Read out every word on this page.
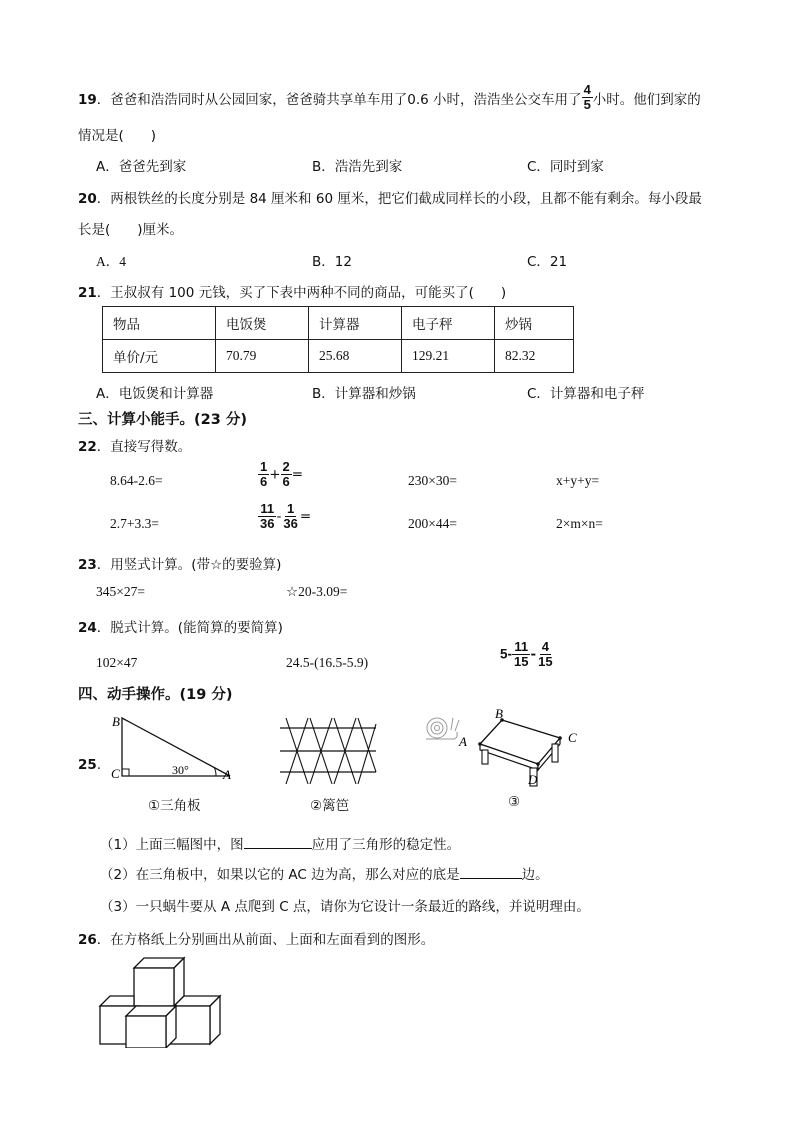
19．爸爸和浩浩同时从公园回家，爸爸骑共享单车用了0.6 小时，浩浩坐公交车用了 $\frac{4}{5}$ 小时。他们到家的
情况是(　　)
A．爸爸先到家	B．浩浩先到家	C．同时到家
20．两根铁丝的长度分别是 84 厘米和 60 厘米，把它们截成同样长的小段，且都不能有剩余。每小段最
长是(　　)厘米。
A．4	B．12	C．21
21．王叔叔有 100 元钱，买了下表中两种不同的商品，可能买了(　　)
物品	电饭煲	计算器	电子秤	炒锅
单价/元	70.79	25.68	129.21	82.32
A．电饭煲和计算器	B．计算器和炒锅	C．计算器和电子秤
三、计算小能手。(23 分)
22．直接写得数。
8.64-2.6=	$\frac{1}{6} + \frac{2}{6}$ =	230×30=	x+y+y=
2.7+3.3=	$\frac{11}{36} - \frac{1}{36}$ =	200×44=	2×m×n=
23．用竖式计算。(带☆的要验算)
345×27=	☆20-3.09=
24．脱式计算。(能简算的要简算)
102×47	24.5-(16.5-5.9)
$5- \frac{11}{15} - \frac{4}{15}$
四、动手操作。(19 分)
25.
B
C	A
30°
①三角板	②篱笆
A
B
C
D
③
（1）上面三幅图中，图	应用了三角形的稳定性。
（2）在三角板中，如果以它的 AC 边为高，那么对应的底是	边。
（3）一只蜗牛要从 A 点爬到 C 点，请你为它设计一条最近的路线，并说明理由。
26．在方格纸上分别画出从前面、上面和左面看到的图形。
